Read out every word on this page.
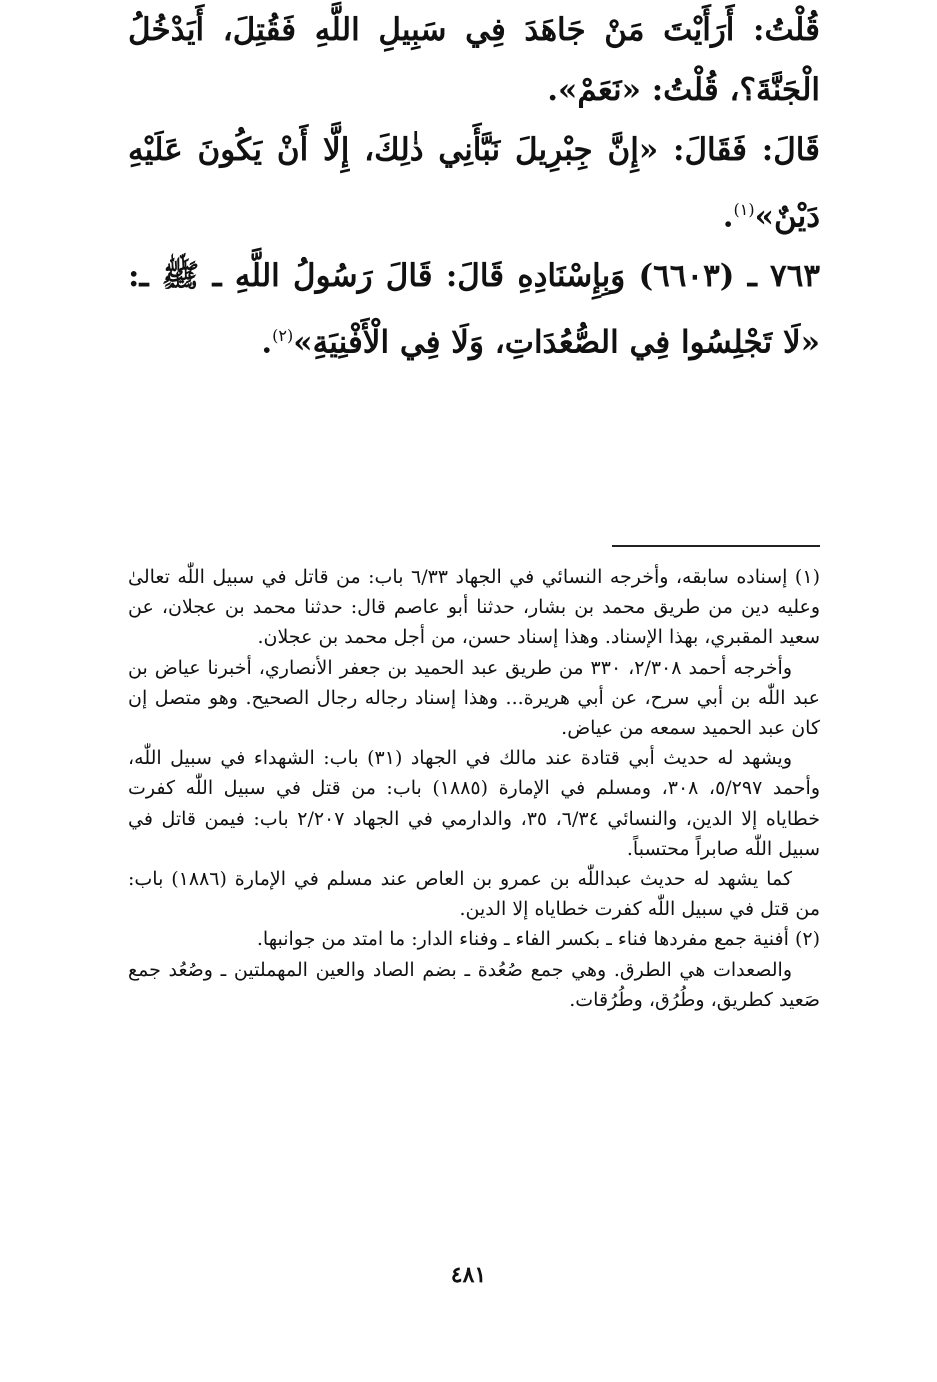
قُلْتُ: أَرَأَيْتَ مَنْ جَاهَدَ فِي سَبِيلِ اللَّهِ فَقُتِلَ، أَيَدْخُلُ الْجَنَّةَ؟، قُلْتُ: «نَعَمْ».

قَالَ: فَقَالَ: «إِنَّ جِبْرِيلَ نَبَّأَنِي ذٰلِكَ، إِلَّا أَنْ يَكُونَ عَلَيْهِ دَيْنٌ»$^{(١)}$.

٧٦٣ ـ (٦٦٠٣) وَبِإِسْنَادِهِ قَالَ: قَالَ رَسُولُ اللَّهِ ـ ﷺ ـ: «لَا تَجْلِسُوا فِي الصُّعُدَاتِ، وَلَا فِي الْأَفْنِيَةِ»$^{(٢)}$.

(١) إسناده سابقه، وأخرجه النسائي في الجهاد ٦/٣٣ باب: من قاتل في سبيل اللّٰه تعالىٰ وعليه دين من طريق محمد بن بشار، حدثنا أبو عاصم قال: حدثنا محمد بن عجلان، عن سعيد المقبري، بهذا الإسناد. وهذا إسناد حسن، من أجل محمد بن عجلان.

وأخرجه أحمد ٢/٣٠٨، ٣٣٠ من طريق عبد الحميد بن جعفر الأنصاري، أخبرنا عياض بن عبد اللّٰه بن أبي سرح، عن أبي هريرة... وهذا إسناد رجاله رجال الصحيح. وهو متصل إن كان عبد الحميد سمعه من عياض.

ويشهد له حديث أبي قتادة عند مالك في الجهاد (٣١) باب: الشهداء في سبيل اللّٰه، وأحمد ٥/٢٩٧، ٣٠٨، ومسلم في الإمارة (١٨٨٥) باب: من قتل في سبيل اللّٰه كفرت خطاياه إلا الدين، والنسائي ٦/٣٤، ٣٥، والدارمي في الجهاد ٢/٢٠٧ باب: فيمن قاتل في سبيل اللّٰه صابراً محتسباً.

كما يشهد له حديث عبداللّٰه بن عمرو بن العاص عند مسلم في الإمارة (١٨٨٦) باب: من قتل في سبيل اللّٰه كفرت خطاياه إلا الدين.

(٢) أفنية جمع مفردها فناء ـ بكسر الفاء ـ وفناء الدار: ما امتد من جوانبها.

والصعدات هي الطرق. وهي جمع صُعُدة ـ بضم الصاد والعين المهملتين ـ وصُعُد جمع صَعيد كطريق، وطُرُق، وطُرُقات.

٤٨١
